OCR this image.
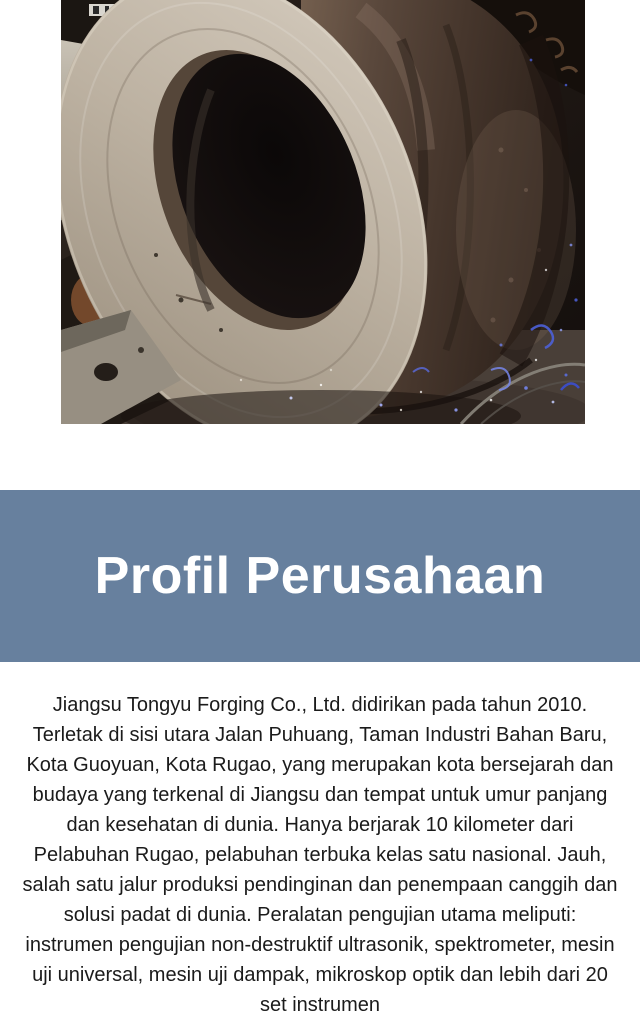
Profil Perusahaan

Jiangsu Tongyu Forging Co., Ltd. didirikan pada tahun 2010. Terletak di sisi utara Jalan Puhuang, Taman Industri Bahan Baru, Kota Guoyuan, Kota Rugao, yang merupakan kota bersejarah dan budaya yang terkenal di Jiangsu dan tempat untuk umur panjang dan kesehatan di dunia. Hanya berjarak 10 kilometer dari Pelabuhan Rugao, pelabuhan terbuka kelas satu nasional. Jauh, salah satu jalur produksi pendinginan dan penempaan canggih dan solusi padat di dunia. Peralatan pengujian utama meliputi: instrumen pengujian non-destruktif ultrasonik, spektrometer, mesin uji universal, mesin uji dampak, mikroskop optik dan lebih dari 20 set instrumen
